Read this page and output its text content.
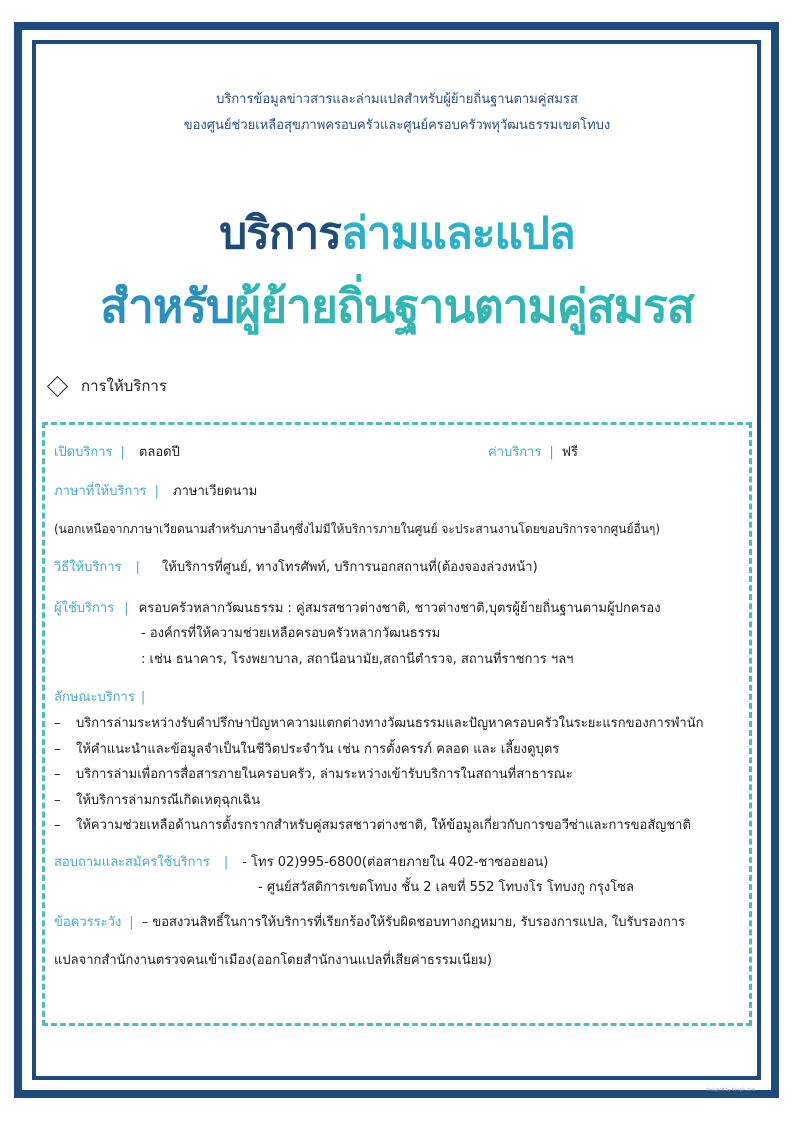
บริการข้อมูลข่าวสารและล่ามแปลสำหรับผู้ย้ายถิ่นฐานตามคู่สมรส
ของศูนย์ช่วยเหลือสุขภาพครอบครัวและศูนย์ครอบครัวพหุวัฒนธรรมเขตโทบง
บริการล่ามและแปล
สำหรับผู้ย้ายถิ่นฐานตามคู่สมรส
การให้บริการ
เปิดบริการ | ตลอดปี	ค่าบริการ | ฟรี
ภาษาที่ให้บริการ | ภาษาเวียดนาม
(นอกเหนือจากภาษาเวียดนามสำหรับภาษาอื่นๆซึ่งไม่มีให้บริการภายในศูนย์ จะประสานงานโดยขอบริการจากศูนย์อื่นๆ)
วิธีให้บริการ | ให้บริการที่ศูนย์, ทางโทรศัพท์, บริการนอกสถานที่(ต้องจองล่วงหน้า)
ผู้ใช้บริการ | ครอบครัวหลากวัฒนธรรม : คู่สมรสชาวต่างชาติ, ชาวต่างชาติ,บุตรผู้ย้ายถิ่นฐานตามผู้ปกครอง
- องค์กรที่ให้ความช่วยเหลือครอบครัวหลากวัฒนธรรม
: เช่น ธนาคาร, โรงพยาบาล, สถานีอนามัย,สถานีตำรวจ, สถานที่ราชการ ฯลฯ
ลักษณะบริการ |
– บริการล่ามระหว่างรับคำปรึกษาปัญหาความแตกต่างทางวัฒนธรรมและปัญหาครอบครัวในระยะแรกของการพำนัก
– ให้คำแนะนำและข้อมูลจำเป็นในชีวิตประจำวัน เช่น การตั้งครรภ์ คลอด และ เลี้ยงดูบุตร
– บริการล่ามเพื่อการสื่อสารภายในครอบครัว, ล่ามระหว่างเข้ารับบริการในสถานที่สาธารณะ
– ให้บริการล่ามกรณีเกิดเหตุฉุกเฉิน
– ให้ความช่วยเหลือด้านการตั้งรกรากสำหรับคู่สมรสชาวต่างชาติ, ให้ข้อมูลเกี่ยวกับการขอวีซ่าและการขอสัญชาติ
สอบถามและสมัครใช้บริการ | - โทร 02)995-6800(ต่อสายภายใน 402-ชาซออยอน)
- ศูนย์สวัสดิการเขตโทบง ชั้น 2 เลขที่ 552 โทบงโร โทบงกู กรุงโซล
ข้อควรระวัง | – ขอสงวนสิทธิ์ในการให้บริการที่เรียกร้องให้รับผิดชอบทางกฎหมาย, รับรองการแปล, ใบรับรองการ
แปลจากสำนักงานตรวจคนเข้าเมือง(ออกโดยสำนักงานแปลที่เสียค่าธรรมเนียม)
designed by freepik.com
